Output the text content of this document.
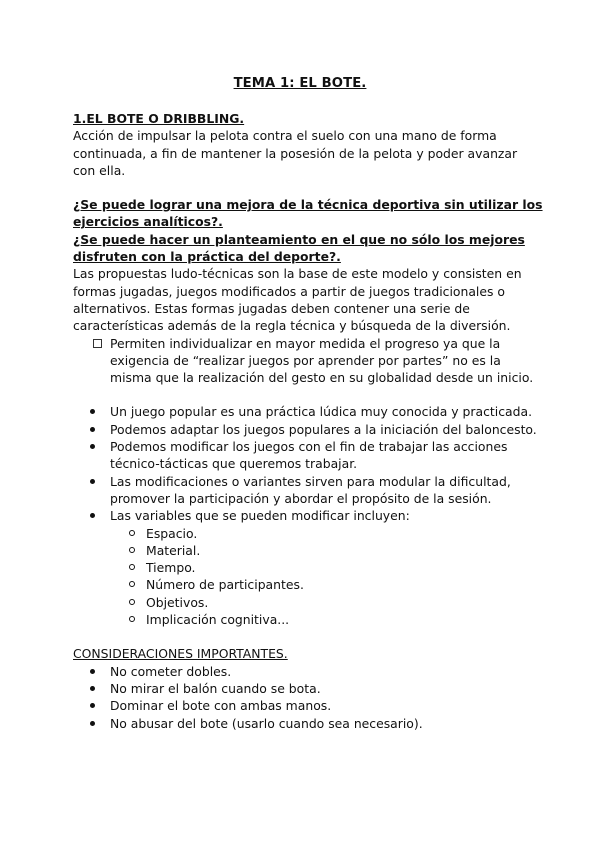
TEMA 1: EL BOTE.

1.EL BOTE O DRIBBLING.

Acción de impulsar la pelota contra el suelo con una mano de forma continuada, a fin de mantener la posesión de la pelota y poder avanzar con ella.

¿Se puede lograr una mejora de la técnica deportiva sin utilizar los ejercicios analíticos?.

¿Se puede hacer un planteamiento en el que no sólo los mejores disfruten con la práctica del deporte?.

Las propuestas ludo-técnicas son la base de este modelo y consisten en formas jugadas, juegos modificados a partir de juegos tradicionales o alternativos. Estas formas jugadas deben contener una serie de características además de la regla técnica y búsqueda de la diversión.

Permiten individualizar en mayor medida el progreso ya que la exigencia de “realizar juegos por aprender por partes” no es la misma que la realización del gesto en su globalidad desde un inicio.
Un juego popular es una práctica lúdica muy conocida y practicada.
Podemos adaptar los juegos populares a la iniciación del baloncesto.
Podemos modificar los juegos con el fin de trabajar las acciones técnico-tácticas que queremos trabajar.
Las modificaciones o variantes sirven para modular la dificultad, promover la participación y abordar el propósito de la sesión.
Las variables que se pueden modificar incluyen:
Espacio.
Material.
Tiempo.
Número de participantes.
Objetivos.
Implicación cognitiva...

CONSIDERACIONES IMPORTANTES.

No cometer dobles.
No mirar el balón cuando se bota.
Dominar el bote con ambas manos.
No abusar del bote (usarlo cuando sea necesario).
